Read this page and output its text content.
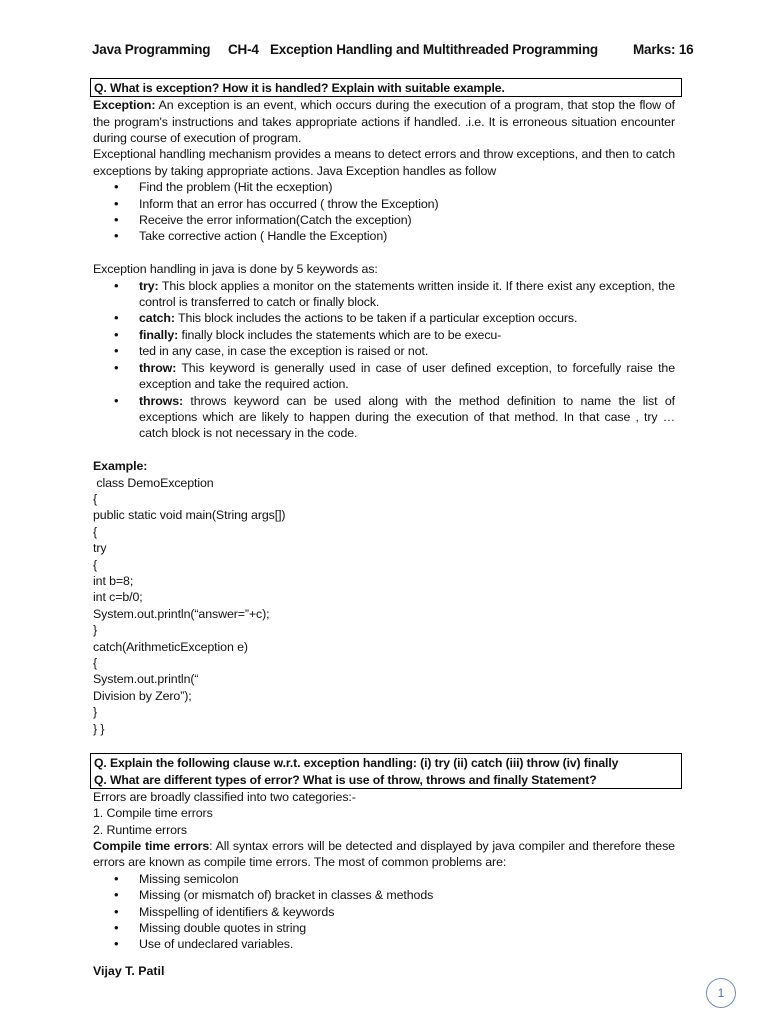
Java Programming CH-4 Exception Handling and Multithreaded Programming	Marks: 16
Q. What is exception? How it is handled? Explain with suitable example.

Exception: An exception is an event, which occurs during the execution of a program, that stop the flow of the program's instructions and takes appropriate actions if handled. .i.e. It is erroneous situation encounter during course of execution of program.

Exceptional handling mechanism provides a means to detect errors and throw exceptions, and then to catch exceptions by taking appropriate actions. Java Exception handles as follow

• Find the problem (Hit the ecxeption)
• Inform that an error has occurred ( throw the Exception)
• Receive the error information(Catch the exception)
• Take corrective action ( Handle the Exception)

Exception handling in java is done by 5 keywords as:

• try: This block applies a monitor on the statements written inside it. If there exist any exception, the control is transferred to catch or finally block.
• catch: This block includes the actions to be taken if a particular exception occurs.
• finally: finally block includes the statements which are to be execu-
• ted in any case, in case the exception is raised or not.
• throw: This keyword is generally used in case of user defined exception, to forcefully raise the exception and take the required action.
• throws: throws keyword can be used along with the method definition to name the list of exceptions which are likely to happen during the execution of that method. In that case , try … catch block is not necessary in the code.

Example:

class DemoException
{
public static void main(String args[])
{
try
{
int b=8;
int c=b/0;
System.out.println(“answer=”+c);
}
catch(ArithmeticException e)
{
System.out.println(“
Division by Zero”);
}
} }
Q. Explain the following clause w.r.t. exception handling: (i) try (ii) catch (iii) throw (iv) finally
Q. What are different types of error? What is use of throw, throws and finally Statement?

Errors are broadly classified into two categories:-

1. Compile time errors

2. Runtime errors

Compile time errors: All syntax errors will be detected and displayed by java compiler and therefore these errors are known as compile time errors. The most of common problems are:

• Missing semicolon
• Missing (or mismatch of) bracket in classes & methods
• Misspelling of identifiers & keywords
• Missing double quotes in string
• Use of undeclared variables.
Vijay T. Patil
1
